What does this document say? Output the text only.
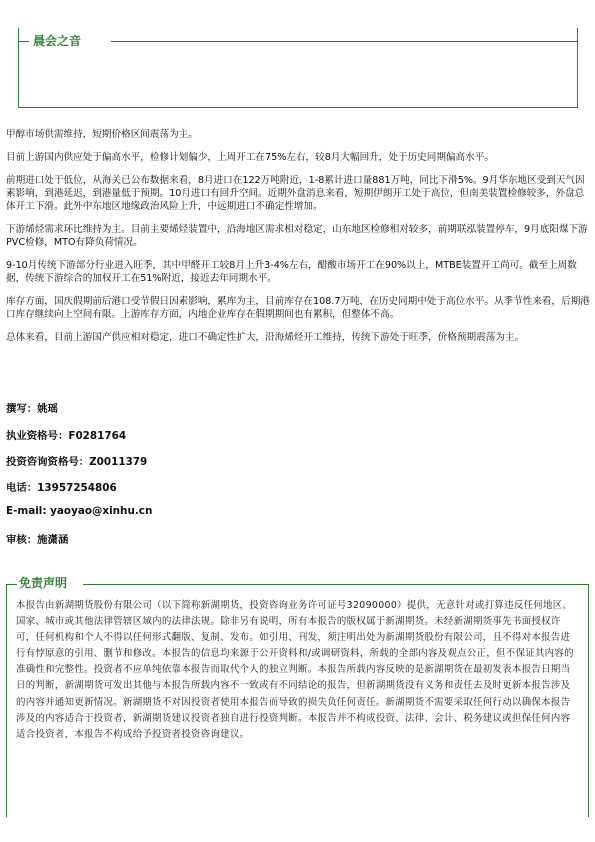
晨会之音

甲醇市场供需维持，短期价格区间震荡为主。

目前上游国内供应处于偏高水平，检修计划偏少，上周开工在75%左右，较8月大幅回升，处于历史同期偏高水平。

前期进口处于低位，从海关已公布数据来看，8月进口在122万吨附近，1-8累计进口量881万吨，同比下滑5%。9月华东地区受到天气因素影响，到港延迟，到港量低于预期。10月进口有回升空间。近期外盘消息来看，短期伊朗开工处于高位，但南美装置检修较多，外盘总体开工下滑。此外中东地区地缘政治风险上升，中远期进口不确定性增加。

下游烯烃需求环比维持为主。目前主要烯烃装置中，沿海地区需求相对稳定，山东地区检修相对较多，前期联泓装置停车，9月底阳煤下游PVC检修，MTO有降负荷情况。

9-10月传统下游部分行业进入旺季，其中甲醛开工较8月上升3-4%左右，醋酸市场开工在90%以上，MTBE装置开工尚可。截至上周数据，传统下游综合的加权开工在51%附近，接近去年同期水平。

库存方面，国庆假期前后港口受节假日因素影响，累库为主，目前库存在108.7万吨，在历史同期中处于高位水平。从季节性来看，后期港口库存继续向上空间有限。上游库存方面，内地企业库存在假期期间也有累积，但整体不高。

总体来看，目前上游国产供应相对稳定，进口不确定性扩大，沿海烯烃开工维持，传统下游处于旺季，价格预期震荡为主。

撰写：姚瑶

执业资格号：F0281764

投资咨询资格号：Z0011379

电话：13957254806

E-mail: yaoyao@xinhu.cn

审核：施潇涵

免责声明
本报告由新湖期货股份有限公司（以下简称新湖期货，投资咨询业务许可证号32090000）提供，无意针对或打算违反任何地区、国家、城市或其他法律管辖区域内的法律法规。除非另有说明，所有本报告的版权属于新湖期货。未经新湖期货事先书面授权许可，任何机构和个人不得以任何形式翻版、复制、发布。如引用、刊发，须注明出处为新湖期货股份有限公司，且不得对本报告进行有悖原意的引用、删节和修改。本报告的信息均来源于公开资料和/或调研资料，所载的全部内容及观点公正，但不保证其内容的准确性和完整性。投资者不应单纯依靠本报告而取代个人的独立判断。本报告所载内容反映的是新湖期货在最初发表本报告日期当日的判断，新湖期货可发出其他与本报告所载内容不一致或有不同结论的报告，但新湖期货没有义务和责任去及时更新本报告涉及的内容并通知更新情况。新湖期货不对因投资者使用本报告而导致的损失负任何责任。新湖期货不需要采取任何行动以确保本报告涉及的内容适合于投资者，新湖期货建议投资者独自进行投资判断。本报告并不构成投资、法律、会计、税务建议或担保任何内容适合投资者，本报告不构成给予投资者投资咨询建议。
